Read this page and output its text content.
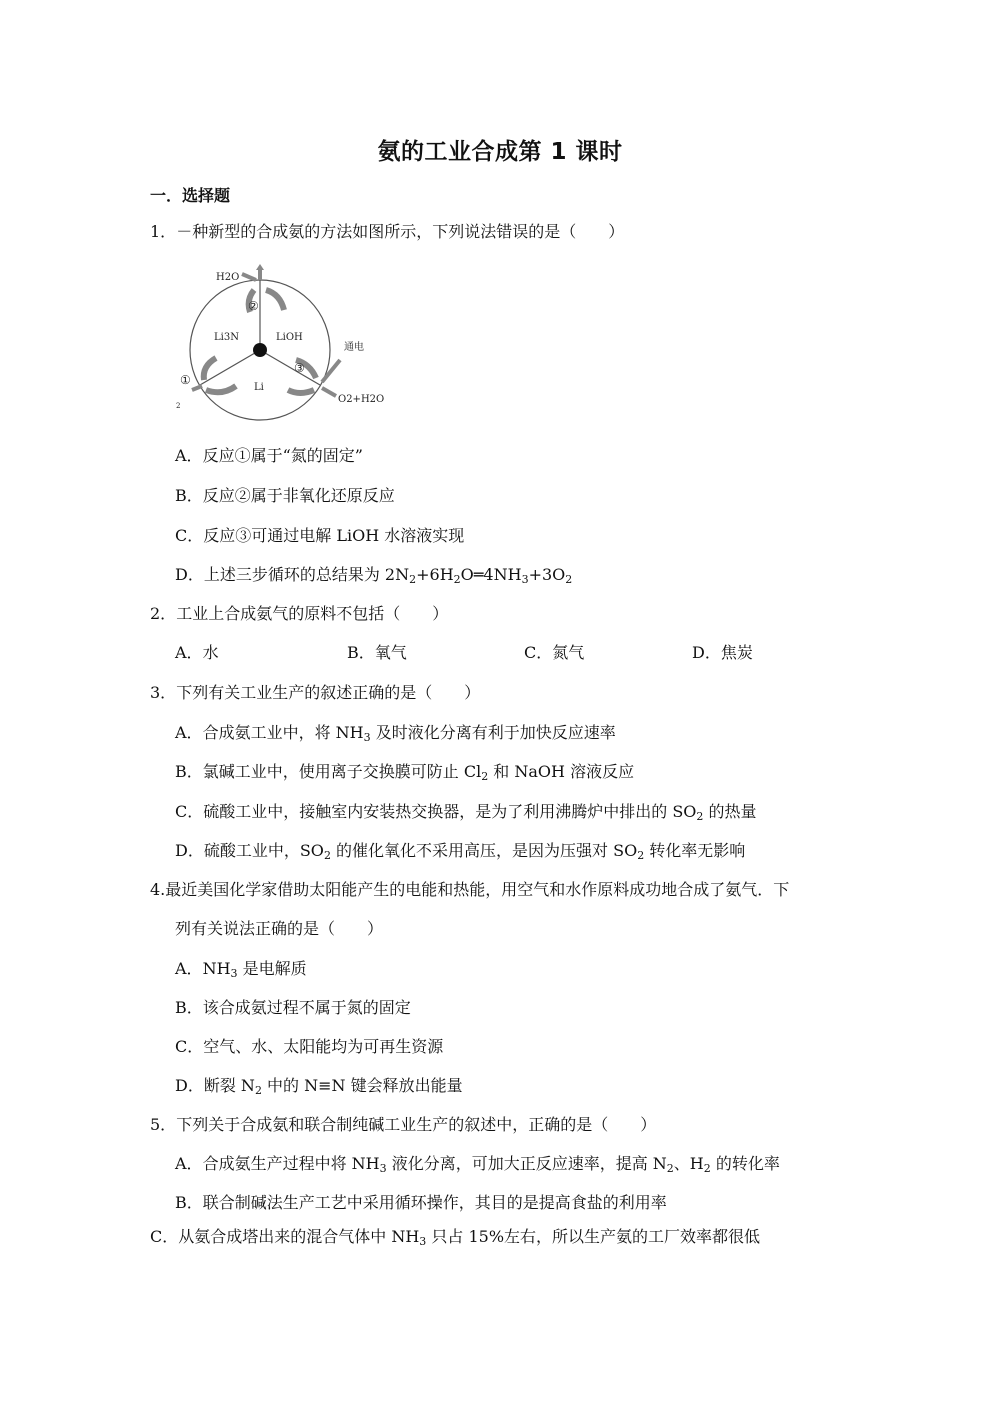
氨的工业合成第 1 课时
一．选择题
1．－种新型的合成氨的方法如图所示，下列说法错误的是（　　）
H2O
Li3N	LiOH
Li
通电
O2+H2O
2
①
②
③
A．反应①属于“氮的固定”
B．反应②属于非氧化还原反应
C．反应③可通过电解 LiOH 水溶液实现
D．上述三步循环的总结果为 $2N_2+6H_2O═4NH_3+3O_2$
2．工业上合成氨气的原料不包括（　　）
A．水	B．氧气	C．氮气	D．焦炭
3．下列有关工业生产的叙述正确的是（　　）
A．合成氨工业中，将 $NH_3$ 及时液化分离有利于加快反应速率
B．氯碱工业中，使用离子交换膜可防止 $Cl_2$ 和 NaOH 溶液反应
C．硫酸工业中，接触室内安装热交换器，是为了利用沸腾炉中排出的 $SO_2$ 的热量
D．硫酸工业中，$SO_2$ 的催化氧化不采用高压，是因为压强对 $SO_2$ 转化率无影响
4.最近美国化学家借助太阳能产生的电能和热能，用空气和水作原料成功地合成了氨气．下
列有关说法正确的是（　　）
A．$NH_3$ 是电解质
B．该合成氨过程不属于氮的固定
C．空气、水、太阳能均为可再生资源
D．断裂 $N_2$ 中的 N≡N 键会释放出能量
5．下列关于合成氨和联合制纯碱工业生产的叙述中，正确的是（　　）
A．合成氨生产过程中将 $NH_3$ 液化分离，可加大正反应速率，提高 $N_2$、$H_2$ 的转化率
B．联合制碱法生产工艺中采用循环操作，其目的是提高食盐的利用率
C．从氨合成塔出来的混合气体中 $NH_3$ 只占 15%左右，所以生产氨的工厂效率都很低
